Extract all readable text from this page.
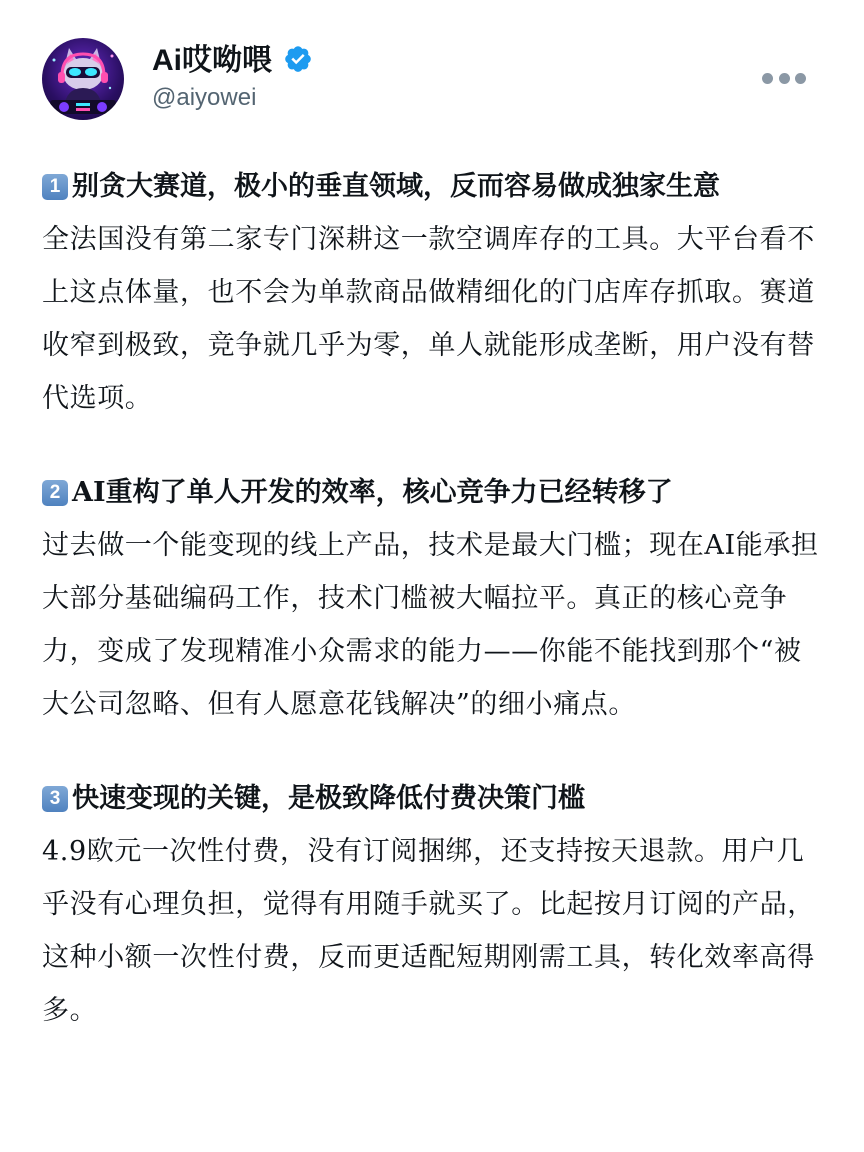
Ai哎呦喂
@aiyowei
1 别贪大赛道，极小的垂直领域，反而容易做成独家生意
全法国没有第二家专门深耕这一款空调库存的工具。大平台看不上这点体量，也不会为单款商品做精细化的门店库存抓取。赛道收窄到极致，竞争就几乎为零，单人就能形成垄断，用户没有替代选项。
2 AI重构了单人开发的效率，核心竞争力已经转移了
过去做一个能变现的线上产品，技术是最大门槛；现在AI能承担大部分基础编码工作，技术门槛被大幅拉平。真正的核心竞争力，变成了发现精准小众需求的能力——你能不能找到那个“被大公司忽略、但有人愿意花钱解决”的细小痛点。
3 快速变现的关键，是极致降低付费决策门槛
4.9欧元一次性付费，没有订阅捆绑，还支持按天退款。用户几乎没有心理负担，觉得有用随手就买了。比起按月订阅的产品，这种小额一次性付费，反而更适配短期刚需工具，转化效率高得多。
